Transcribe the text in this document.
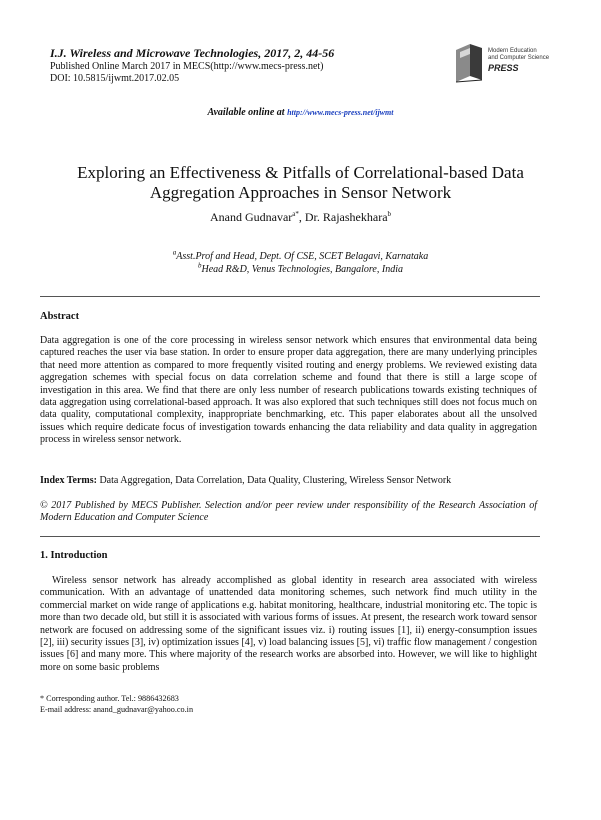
I.J. Wireless and Microwave Technologies, 2017, 2, 44-56
Published Online March 2017 in MECS(http://www.mecs-press.net)
DOI: 10.5815/ijwmt.2017.02.05
Modern Education
and Computer Science
PRESS
Available online at http://www.mecs-press.net/ijwmt
Exploring an Effectiveness & Pitfalls of Correlational-based Data
Aggregation Approaches in Sensor Network
Anand Gudnavar$^{a*}$, Dr. Rajashekhara$^b$
$^a$Asst.Prof and Head, Dept. Of CSE, SCET Belagavi, Karnataka
$^b$Head R&D, Venus Technologies, Bangalore, India
Abstract
Data aggregation is one of the core processing in wireless sensor network which ensures that environmental data being captured reaches the user via base station. In order to ensure proper data aggregation, there are many underlying principles that need more attention as compared to more frequently visited routing and energy problems. We reviewed existing data aggregation schemes with special focus on data correlation scheme and found that there is still a large scope of investigation in this area. We find that there are only less number of research publications towards existing techniques of data aggregation using correlational-based approach. It was also explored that such techniques still does not focus much on data quality, computational complexity, inappropriate benchmarking, etc. This paper elaborates about all the unsolved issues which require dedicate focus of investigation towards enhancing the data reliability and data quality in aggregation process in wireless sensor network.
Index Terms: Data Aggregation, Data Correlation, Data Quality, Clustering, Wireless Sensor Network
© 2017 Published by MECS Publisher. Selection and/or peer review under responsibility of the Research Association of Modern Education and Computer Science
1. Introduction
Wireless sensor network has already accomplished as global identity in research area associated with wireless communication. With an advantage of unattended data monitoring schemes, such network find much utility in the commercial market on wide range of applications e.g. habitat monitoring, healthcare, industrial monitoring etc. The topic is more than two decade old, but still it is associated with various forms of issues. At present, the research work toward sensor network are focused on addressing some of the significant issues viz. i) routing issues [1], ii) energy-consumption issues [2], iii) security issues [3], iv) optimization issues [4], v) load balancing issues [5], vi) traffic flow management / congestion issues [6] and many more. This where majority of the research works are absorbed into. However, we will like to highlight more on some basic problems
* Corresponding author. Tel.: 9886432683
E-mail address: anand_gudnavar@yahoo.co.in
